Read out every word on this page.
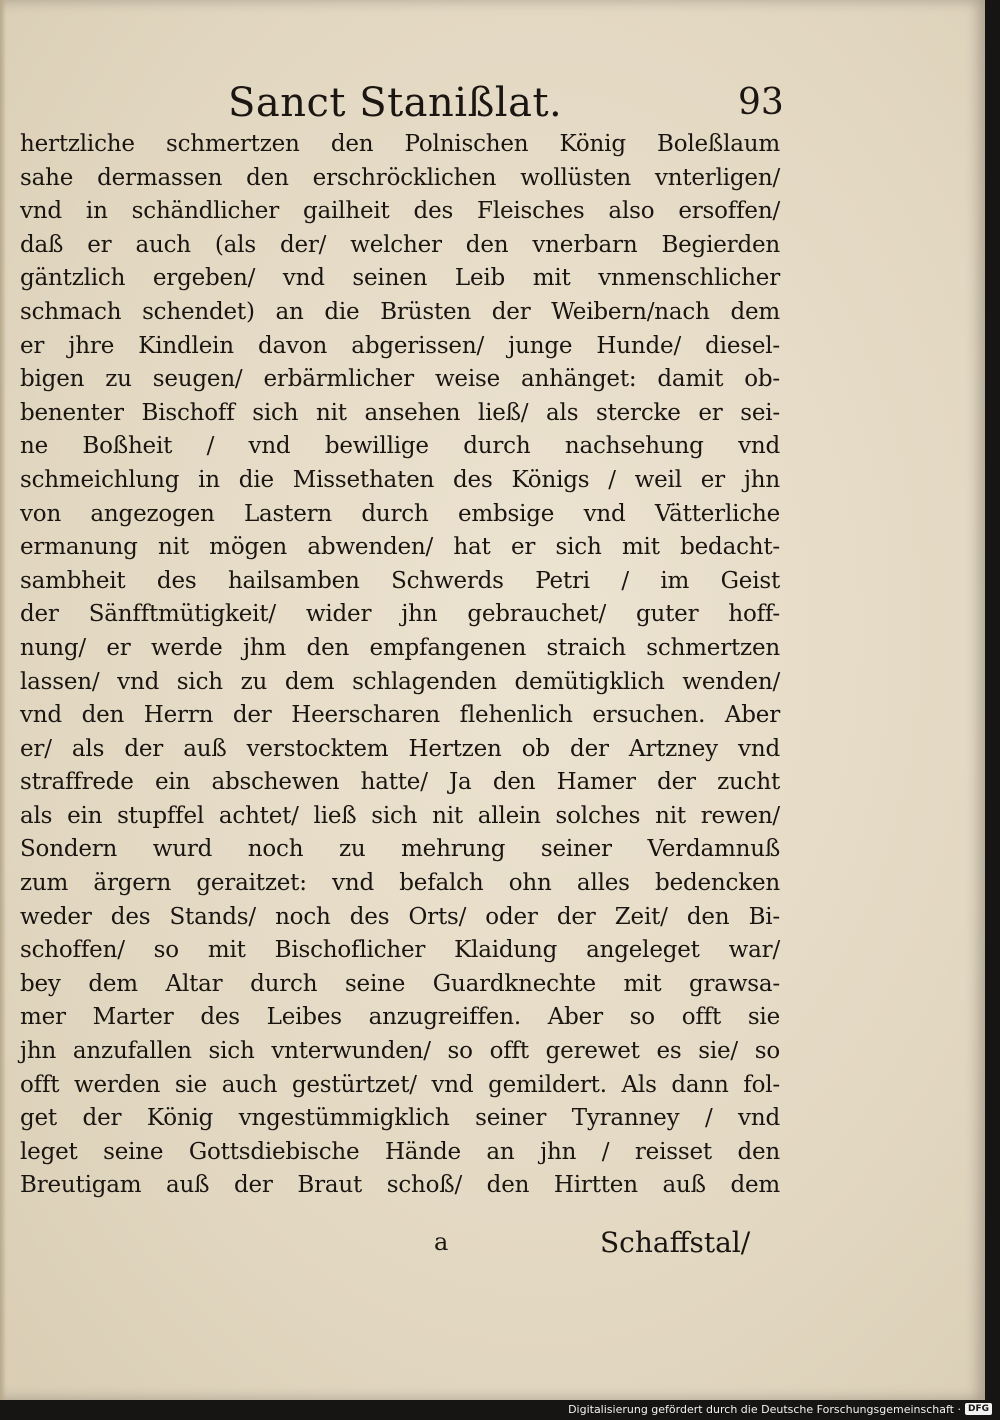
Sanct Stanißlat.	93
hertzliche schmertzen den Polnischen König Boleßlaum
sahe dermassen den erschröcklichen wollüsten vnterligen/
vnd in schändlicher gailheit des Fleisches also ersoffen/
daß er auch (als der/ welcher den vnerbarn Begierden
gäntzlich ergeben/ vnd seinen Leib mit vnmenschlicher
schmach schendet) an die Brüsten der Weibern/nach dem
er jhre Kindlein davon abgerissen/ junge Hunde/ diesel-
bigen zu seugen/ erbärmlicher weise anhänget: damit ob-
benenter Bischoff sich nit ansehen ließ/ als stercke er sei-
ne Boßheit / vnd bewillige durch nachsehung vnd
schmeichlung in die Missethaten des Königs / weil er jhn
von angezogen Lastern durch embsige vnd Vätterliche
ermanung nit mögen abwenden/ hat er sich mit bedacht-
sambheit des hailsamben Schwerds Petri / im Geist
der Sänfftmütigkeit/ wider jhn gebrauchet/ guter hoff-
nung/ er werde jhm den empfangenen straich schmertzen
lassen/ vnd sich zu dem schlagenden demütigklich wenden/
vnd den Herrn der Heerscharen flehenlich ersuchen. Aber
er/ als der auß verstocktem Hertzen ob der Artzney vnd
straffrede ein abschewen hatte/ Ja den Hamer der zucht
als ein stupffel achtet/ ließ sich nit allein solches nit rewen/
Sondern wurd noch zu mehrung seiner Verdamnuß
zum ärgern geraitzet: vnd befalch ohn alles bedencken
weder des Stands/ noch des Orts/ oder der Zeit/ den Bi-
schoffen/ so mit Bischoflicher Klaidung angeleget war/
bey dem Altar durch seine Guardknechte mit grawsa-
mer Marter des Leibes anzugreiffen. Aber so offt sie
jhn anzufallen sich vnterwunden/ so offt gerewet es sie/ so
offt werden sie auch gestürtzet/ vnd gemildert. Als dann fol-
get der König vngestümmigklich seiner Tyranney / vnd
leget seine Gottsdiebische Hände an jhn / reisset den
Breutigam auß der Braut schoß/ den Hirtten auß dem
a	Schaffstal/
Digitalisierung gefördert durch die Deutsche Forschungsgemeinschaft · DFG
